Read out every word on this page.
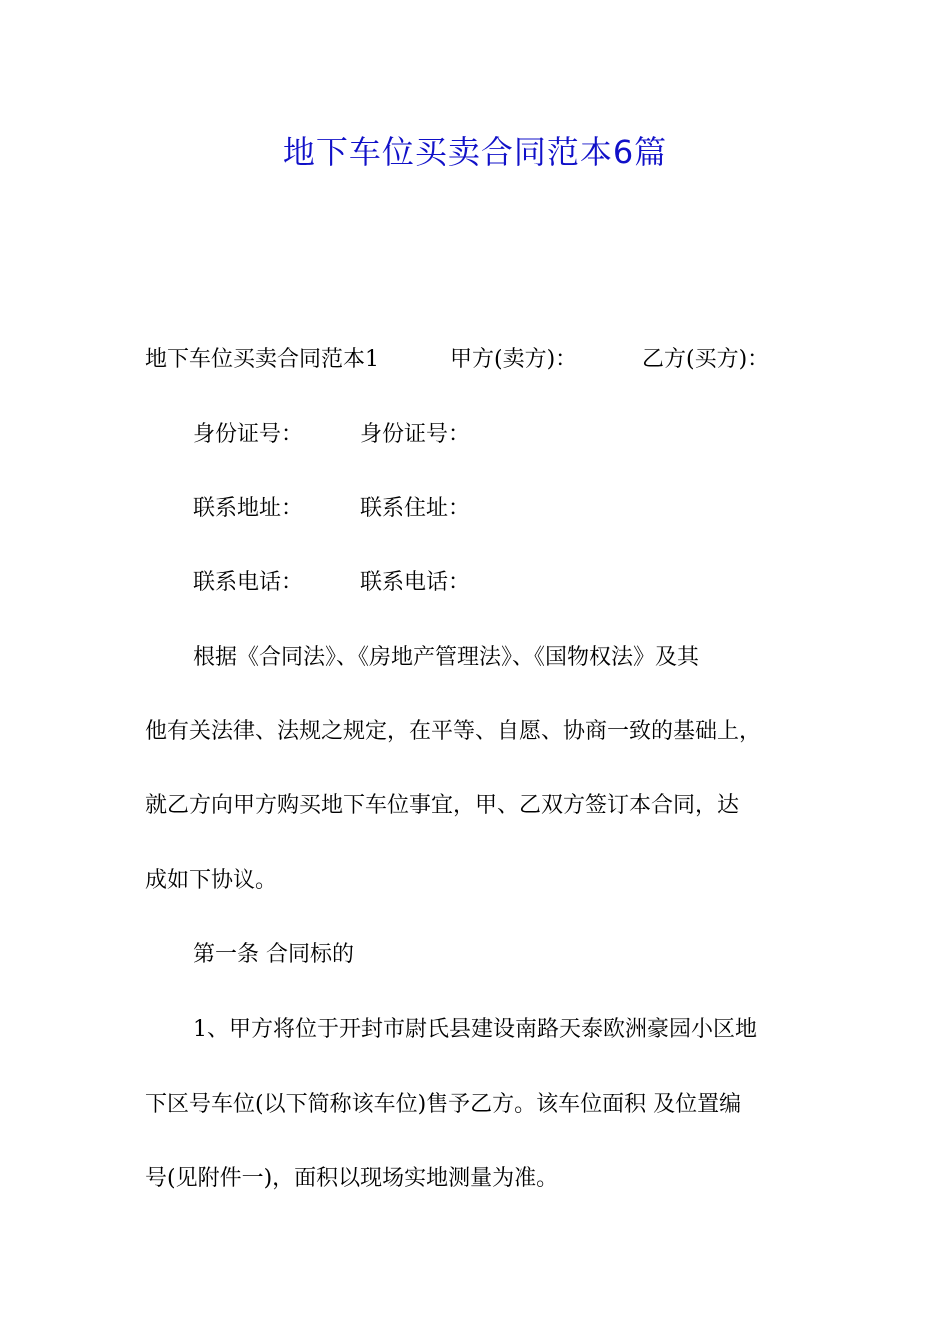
地下车位买卖合同范本6篇
地下车位买卖合同范本1	甲方(卖方)：	乙方(买方)：
身份证号：	身份证号：
联系地址：	联系住址：
联系电话：	联系电话：
根据《合同法》、《房地产管理法》、《国物权法》及其
他有关法律、法规之规定，在平等、自愿、协商一致的基础上，
就乙方向甲方购买地下车位事宜，甲、乙双方签订本合同，达
成如下协议。
第一条 合同标的
1、甲方将位于开封市尉氏县建设南路天泰欧洲豪园小区地
下区号车位(以下简称该车位)售予乙方。该车位面积 及位置编
号(见附件一)，面积以现场实地测量为准。
